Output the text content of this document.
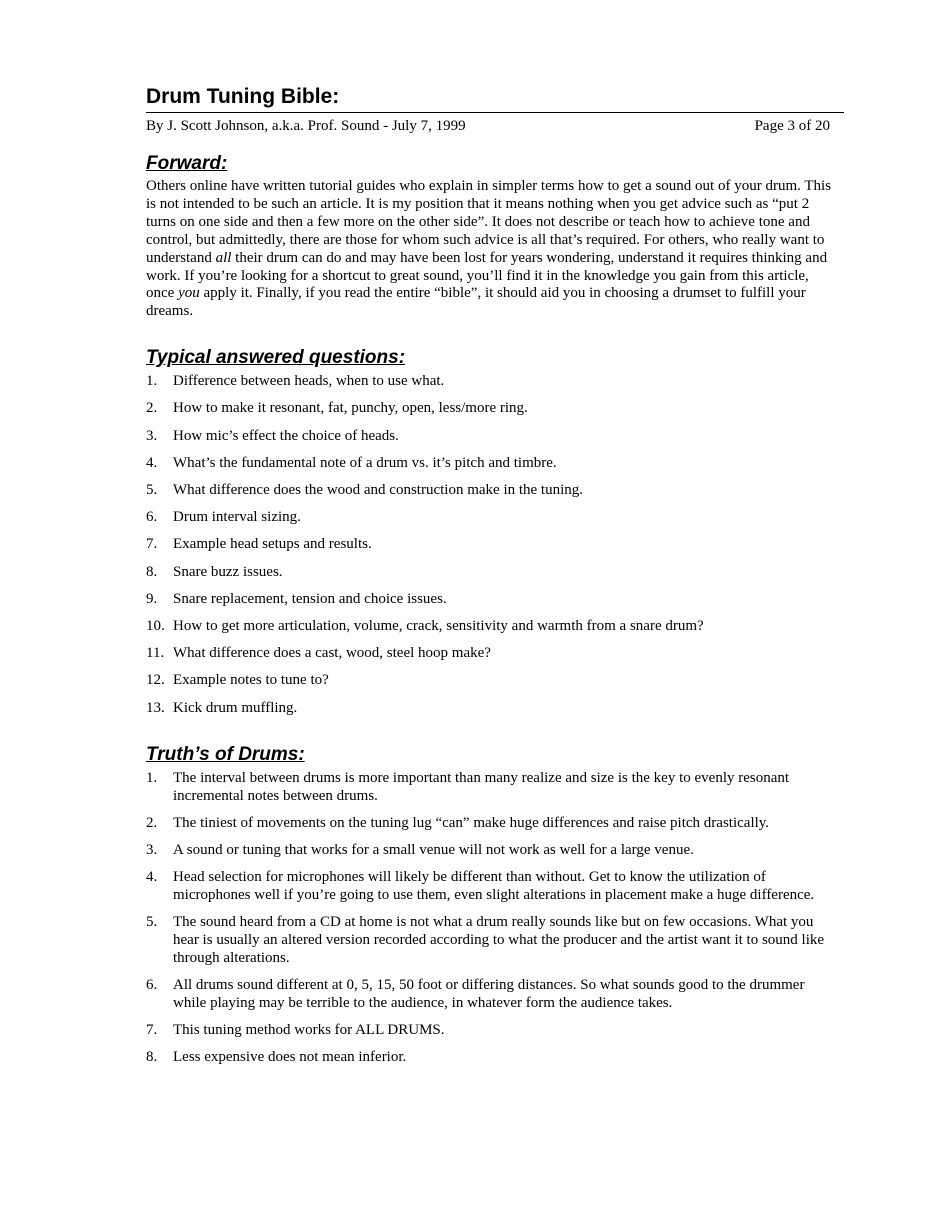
Drum Tuning Bible:
By J. Scott Johnson, a.k.a. Prof. Sound - July 7, 1999	Page 3 of 20
Forward:

Others online have written tutorial guides who explain in simpler terms how to get a sound out of your drum. This is not intended to be such an article. It is my position that it means nothing when you get advice such as “put 2 turns on one side and then a few more on the other side”. It does not describe or teach how to achieve tone and control, but admittedly, there are those for whom such advice is all that’s required. For others, who really want to understand all their drum can do and may have been lost for years wondering, understand it requires thinking and work. If you’re looking for a shortcut to great sound, you’ll find it in the knowledge you gain from this article, once you apply it. Finally, if you read the entire “bible”, it should aid you in choosing a drumset to fulfill your dreams.

Typical answered questions:
1.	Difference between heads, when to use what.
2.	How to make it resonant, fat, punchy, open, less/more ring.
3.	How mic’s effect the choice of heads.
4.	What’s the fundamental note of a drum vs. it’s pitch and timbre.
5.	What difference does the wood and construction make in the tuning.
6.	Drum interval sizing.
7.	Example head setups and results.
8.	Snare buzz issues.
9.	Snare replacement, tension and choice issues.
10. How to get more articulation, volume, crack, sensitivity and warmth from a snare drum?
11. What difference does a cast, wood, steel hoop make?
12. Example notes to tune to?
13. Kick drum muffling.
Truth’s of Drums:
1.	The interval between drums is more important than many realize and size is the key to evenly resonant incremental notes between drums.
2.	The tiniest of movements on the tuning lug “can” make huge differences and raise pitch drastically.
3.	A sound or tuning that works for a small venue will not work as well for a large venue.
4.	Head selection for microphones will likely be different than without. Get to know the utilization of microphones well if you’re going to use them, even slight alterations in placement make a huge difference.
5.	The sound heard from a CD at home is not what a drum really sounds like but on few occasions. What you hear is usually an altered version recorded according to what the producer and the artist want it to sound like through alterations.
6.	All drums sound different at 0, 5, 15, 50 foot or differing distances. So what sounds good to the drummer while playing may be terrible to the audience, in whatever form the audience takes.
7.	This tuning method works for ALL DRUMS.
8.	Less expensive does not mean inferior.
